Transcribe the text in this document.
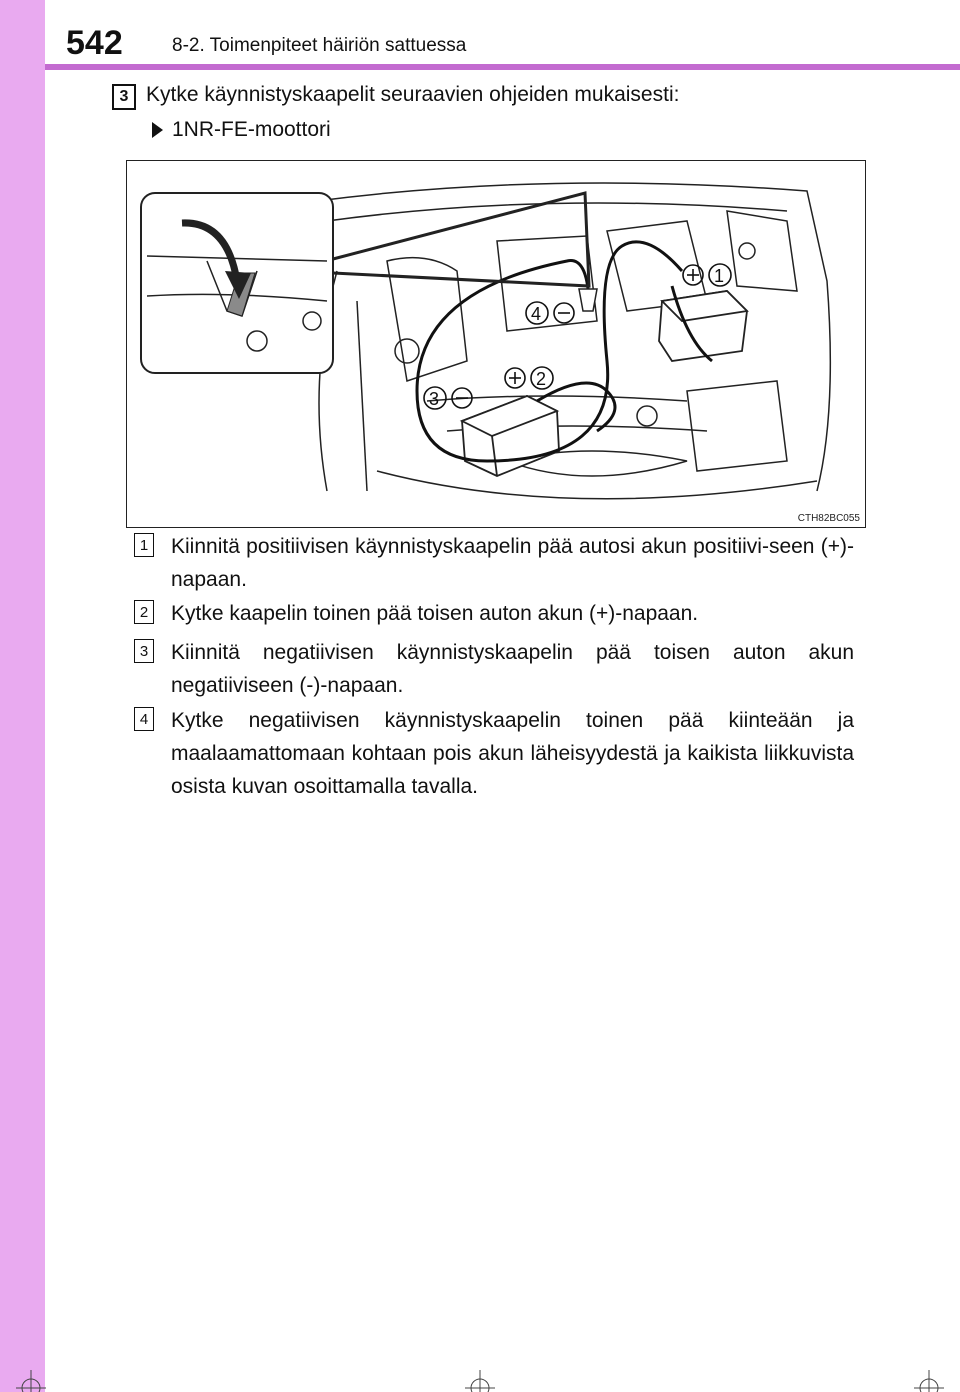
542	8-2. Toimenpiteet häiriön sattuessa
3 Kytke käynnistyskaapelit seuraavien ohjeiden mukaisesti:
1NR-FE-moottori
1
2
3
4
CTH82BC055
1 Kiinnitä positiivisen käynnistyskaapelin pää autosi akun positiivi-seen (+)-napaan.
2 Kytke kaapelin toinen pää toisen auton akun (+)-napaan.
3 Kiinnitä negatiivisen käynnistyskaapelin pää toisen auton akun negatiiviseen (-)-napaan.
4 Kytke negatiivisen käynnistyskaapelin toinen pää kiinteään ja maalaamattomaan kohtaan pois akun läheisyydestä ja kaikista liikkuvista osista kuvan osoittamalla tavalla.
